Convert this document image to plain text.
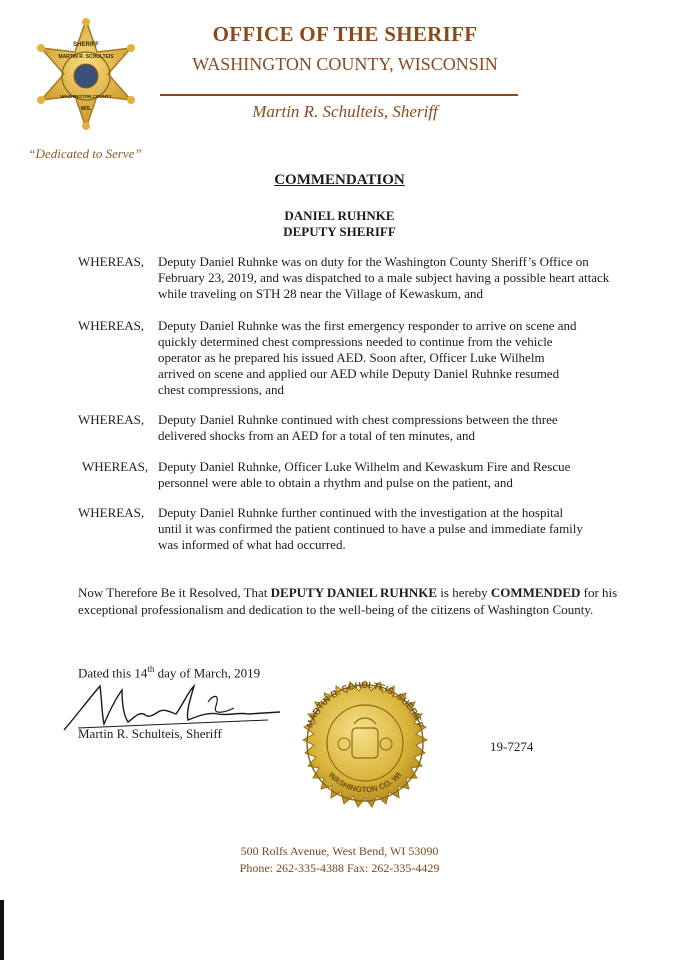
SHERIFF
MARTIN R. SCHULTEIS
WASHINGTON COUNTY
WIS.
“Dedicated to Serve”
OFFICE OF THE SHERIFF
WASHINGTON COUNTY, WISCONSIN
Martin R. Schulteis, Sheriff
COMMENDATION
DANIEL RUHNKE
DEPUTY SHERIFF
WHEREAS, Deputy Daniel Ruhnke was on duty for the Washington County Sheriff’s Office on
February 23, 2019, and was dispatched to a male subject having a possible heart attack
while traveling on STH 28 near the Village of Kewaskum, and
WHEREAS, Deputy Daniel Ruhnke was the first emergency responder to arrive on scene and
quickly determined chest compressions needed to continue from the vehicle
operator as he prepared his issued AED. Soon after, Officer Luke Wilhelm
arrived on scene and applied our AED while Deputy Daniel Ruhnke resumed
chest compressions, and
WHEREAS, Deputy Daniel Ruhnke continued with chest compressions between the three
delivered shocks from an AED for a total of ten minutes, and
WHEREAS, Deputy Daniel Ruhnke, Officer Luke Wilhelm and Kewaskum Fire and Rescue
personnel were able to obtain a rhythm and pulse on the patient, and
WHEREAS, Deputy Daniel Ruhnke further continued with the investigation at the hospital
until it was confirmed the patient continued to have a pulse and immediate family
was informed of what had occurred.
Now Therefore Be it Resolved, That DEPUTY DANIEL RUHNKE is hereby COMMENDED for his exceptional professionalism and dedication to the well-being of the citizens of Washington County.
Dated this 14th day of March, 2019
Martin R. Schulteis, Sheriff
MARTIN R. SCHULTEIS, SHERIFF
WASHINGTON CO. WI
19-7274
500 Rolfs Avenue, West Bend, WI 53090
Phone: 262-335-4388 Fax: 262-335-4429
